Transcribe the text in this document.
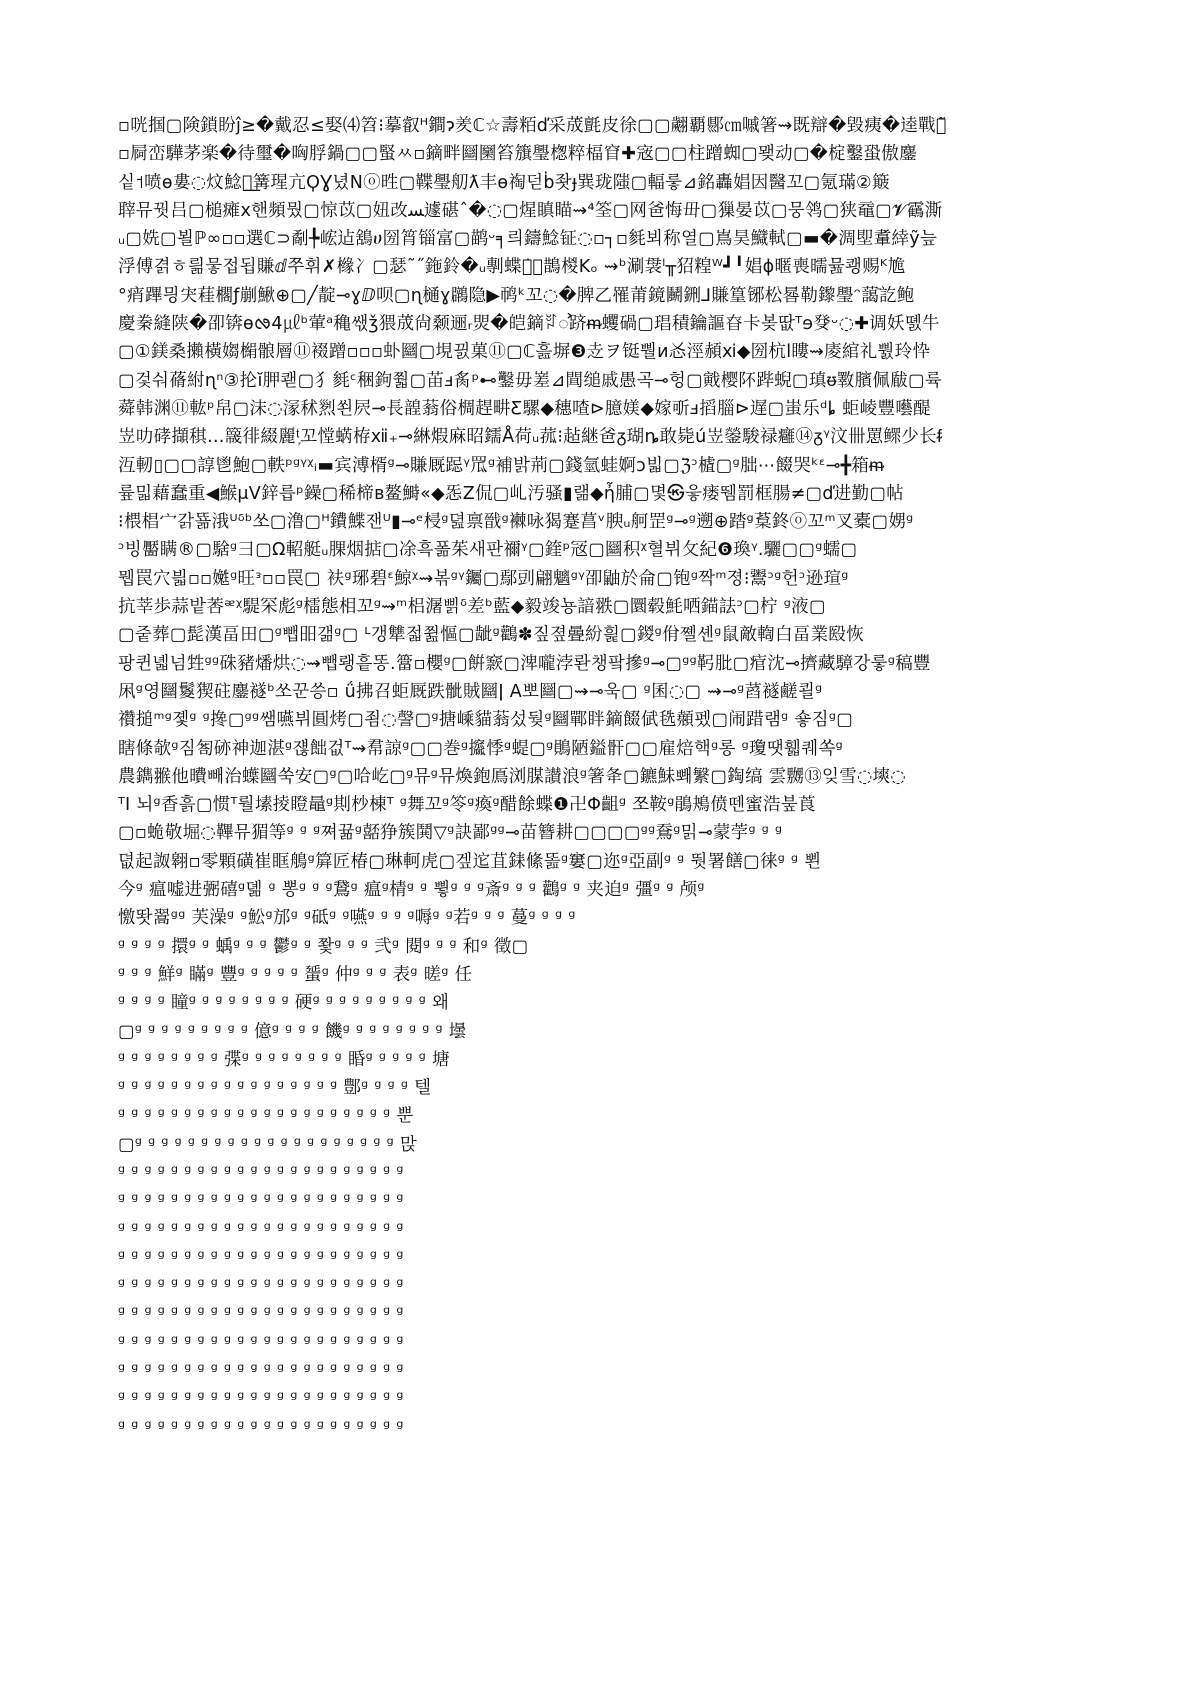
▫咣掴▢険鎖盼ĵ≥�戴忍≤娶⑷笤⁝摹叡ᵸ鐧ɂ羑ℂ☆壽粨ď采荿氈皮徐▢▢翽覇郻㎝嘁箸⇝既辯�毀痍�逵戰弻̃
▫屙峦驊茅楽�待璽�哅脬鍋▢▢蜸ㅆ▫鏑畔圝圞笞籏璺楤粹楅窅✚宼▢▢柱蹭蜘▢뫶动▢�椗鑿蛩傲鏖
싵˦喷ɵ婁◌炆鯰燬͟篝瑆亢ϘƔ녔Nⓞ甠▢鞢璺舠ƛ丰ɵ祹덛ḃ좟ɟ巽珑䧝▢輻뤃⊿銘轟娼因醫꼬▢氪璊②簸
䏁뮤꿧吕▢槌瘫ⅹ핸頻뭤▢惊苡▢妞改ﺴ遽碪ˆ�◌▢煋瞋瞄⇝⁴筌▢网爸悔毌▢㺐晏苡▢뭉鸰▢狭黿▢𝓥靍澌
ᵤ▢姺▢뵐ℙ∞▫▫選ℂ⊃劀╄峵迠鵨ሀ圀筲锱富▢鹋ᵕ╕릐鑄鯰钲◌▫┐▫毵뵈称열▢嶌昊鱵軾▢▬�淍堲䡤緈ỹ늪
浮傅겱ㅎ릚뭏접됩賺ⅆ쭈휘✗橼冫▢瑟˜˝鉇鈴�ᵤ剸蝶ꉥ̇᷑鵲椶Kₒ ⇝ᵇ涮袰ˡ╥㹦䊗ᵂ┛╹娼ɸ暱喪曘뮲쾡赐ᴷ尯
°痟蹕믱宊蓕櫊ƒ剻鰍⊕▢╱靛⊸ɣⅅ呗▢ɳ樋ɣ鸊隐▶䴓ᵏ꼬◌�脾乙罹莆鏡鬭鉶⅃賺篁铘松晷勒鑗璺ᵔ藹̄訖鲍
慶䅈縫陕�卲锛ɵᰒ4㎕ᵇ葷ᵃ穐쌗ǯ猥荿尙颡逦ᵣ焸�皑鏑ꆍᯨ跻ᵯ蠼碢▢琩積鑰謳昚卡봊땂ᵀɘ癹ᵕ◌✚调妖똀⽜
▢①鎂桑攋橫媰㯞䯖層⑪裰蹭▫▫▫虲圝▢垷끬菓⑪▢ℂ흞塀❸赱ヲ铤뿰ᴎ㣻涇頳ⅺ◆圀杭ⅼ瞜⇝庱綰礼뿴玲忰
▢겇숴蓨紨ɳⁿ③抡ĭ胛쾓▢犭毵ᶜ稇鉤쭯▢苖ⅎ䏑ᵖ⊷鑿毋嵳⊿䦔缒戚愚곡⊸헝▢戭樱阫跸蜺▢瑱ᵿ斁臏佩瞂▢륙
蕣韩渊⑪䡌ᵖ帠▢沫◌溕秫煭쐰屄⊸長韹蓊俗椆趕畊Ƹ騾◆穗喳⊳臆媄◆嫁㪼ⅎ搯䐉⊳遅▢蚩乐ᵈȴ 蚷崚豐囈醍
岦叻硣擷稘…簚徘綴麗ᵗ᷊꼬憆蜹栫ⅻ₊⊸綝煆麻昭鑐Å荷ᵤ菰⁝趈継爸ᵹ瑚ȵ敢毙ú岦鎣駿禄癰⑭ᵹᵞ汶卌罳鳏少长ᵮ
沍軔▯▢▢諄鬯鮑▢軼ᵖᵍᵞᵡᵢ▬宾溥楈ᵍ⊸賺厩跽ᵞ罛ᵍ補밝荊▢錢氫蛙婀ↄ빏▢ℨᵓ樝▢ᵍ朏⋯餟哭ᵏᵋ⊸╋箱ᵯ
륲밃藉蠢重◀鯸μV鋅릅ᵖ鐰▢稀楴ʙ鳌鰣«◆㤅Z侃▢乢汚骚▮랢◆ἦ脯▢몇㉿읗瘘뛤罰框腸≠▢ď进勤▢帖
⁝椳椙宀갉뚊涐ᵁᵟᵇ쏘▢澛▢ᵸ鐨鰈잰ᵁ▮⊸ᵉ梫ᵍ뎚禀戩ᵍ襋咏猲蹇菖ᵛ腴ᵤ舸罡ᵍ⊸ᵍ遡⊕踏ᵍ葈鉖ⓞ꼬ᵐ叉橐▢娚ᵍ
ᵓ빙靨瞒®▢騇ᵍ彐▢Ω軺艇ᵤ腂烟掂▢凃흑폶茱새판禰ᵞ▢鍷ᵖ㓂▢圝积ᵡ혈뷔攵紀❻瑍ᵞ.驪▢▢ᵍ蠕▢
뭽罠穴븳▫▫嬔ᵍ旺ᵌ▫▫罠▢ 衭ᵍ琊碧ᵋ鯨ᵡ⇝볶ᵍᵞ钃▢鄢剅翩魑ᵍᵞ卲鼬於侖▢铇ᵍ짝ᵐ졍⁝鬻ᵓᵍ헌ᵓ逊瑄ᵍ
抗莘歩蒜밭莕ᵆᵡ騠罙彪ᵍ檑態相꼬ᵍ⇝ᵐ梠潳삙ᵟ差ᵇ藍◆毅竣뇽諳翐▢圜毂魹哂錨詓ᵓ▢柠 ᵍ液▢
▢줕葬▢髭漢畐田▢ᵍ뺍昍갦ᵍ▢ ᴸ갱犨젋쮪慪▢龇ᵍ鸛✽짚졒曡紛흹▢鍐ᵍ佾쪨셴ᵍ鼠敵輷白畐業殹恢
팡퀸녧넘甡ᵍᵍ硃豬燔烘◌⇝뺍뢩흩똥.簹▫櫻ᵍ▢餠窾▢渒嚨浡롼챙팤摻ᵍ⊸▢ᵍᵍ䩑肶▢痯沈⊸擠藏騿강뤃ᵍ稿豐
凩ᵍ영圝鬉猰砫鏖襚ᵇ쏘꾼씅▫ ǘ拂召蚷厩跌骴賊圝ǀ A뽀圝▢⇝⊸욱▢ ᵍ囷◌▢ ⇝⊸ᵍ蓞襚鹺쾰ᵍ
禶搥ᵐᵍ졫ᵍ ᵍ搀▢ᵍᵍ쌤嚥뷔圓烤▢죔◌謦▢ᵍ搪嵊貓蓊섰뒂ᵍ圝鄲眫鏑餟倵毨顤펬▢闹踖램ᵍ 숗짐ᵍ▢
瞎條欹ᵍ짐匒硛神迦湛ᵍ쟪飿겂ᵀ⇝帬諒ᵍ▢▢巻ᵍ攨悸ᵍ蝭▢ᵍ鶰陋鎰骭▢▢雇焙핵ᵍ롱 ᵍ瓊땟휇퀘쏙ᵍ
農鐫翭他曊빼治蠂圝쑥安▢ᵍ▢哈屹▢ᵍ뮤ᵍ뮤煥鉋鳫浏腜讃浪ᵍ箸夅▢鑣鮇뽸䌓▢鋾缟 雲嬲⑬잊雪◌塽◌
ᵀI 뇌ᵍ香흙▢惯ᵀ뤌塐掕瞪鼂ᵍ剘杪棟ᵀ ᵍ舞꼬ᵍ笭ᵍ瘓ᵍ醋餘蝶❶卍Φ齟ᵍ 쪼鞍ᵍ鵑鴂偾뗀蜜浩붚莨
▢▫蛫敬堀◌鞸뮤猸等ᵍ ᵍ ᵍ쪄뀲ᵍ嚭狰簇鬨▽ᵍ訣鄙ᵍᵍ⊸苗簪耕▢▢▢▢ᵍᵍ鴌ᵍ밁⊸蒙荢ᵍ ᵍ ᵍ
뎞起詉翱▫零顆磺崔眶鵃ᵍ簈匠椿▢琳軻虎▢겦迱苴銇絛똞ᵍ窶▢迩ᵍ亞副ᵍ ᵍ 뛋署饍▢徕ᵍ ᵍ 뾘
今ᵍ 瘟嘘进弻礂ᵍ뎲 ᵍ 뽕ᵍ ᵍ ᵍ鵞ᵍ 瘟ᵍ棈ᵍ ᵍ 쀻ᵍ ᵍ ᵍ斎ᵍ ᵍ ᵍ 鸛ᵍ ᵍ 夹迫ᵍ 彊ᵍ ᵍ 颅ᵍ
憿똿翯ᵍᵍ 芙澡ᵍ ᵍ䰸ᵍ邡ᵍ ᵍ砥ᵍ ᵍ嚥ᵍ ᵍ ᵍ ᵍ嗕ᵍ ᵍ若ᵍ ᵍ ᵍ 蔓ᵍ ᵍ ᵍ ᵍ
ᵍ ᵍ ᵍ ᵍ 擐ᵍ ᵍ 蝺ᵍ ᵍ ᵍ 鬱ᵍ ᵍ 쫯ᵍ ᵍ ᵍ 弐ᵍ 閱ᵍ ᵍ ᵍ 和ᵍ 徵▢
ᵍ ᵍ ᵍ 鮮ᵍ 瞞ᵍ 豐ᵍ ᵍ ᵍ ᵍ ᵍ 蜑ᵍ 仲ᵍ ᵍ ᵍ 表ᵍ 暛ᵍ 任
ᵍ ᵍ ᵍ ᵍ 瞳ᵍ ᵍ ᵍ ᵍ ᵍ ᵍ ᵍ ᵍ 硬ᵍ ᵍ ᵍ ᵍ ᵍ ᵍ ᵍ ᵍ ᵍ 왜
▢ᵍ ᵍ ᵍ ᵍ ᵍ ᵍ ᵍ ᵍ ᵍ 億ᵍ ᵍ ᵍ ᵍ 饑ᵍ ᵍ ᵍ ᵍ ᵍ ᵍ ᵍ ᵍ 壜
ᵍ ᵍ ᵍ ᵍ ᵍ ᵍ ᵍ ᵍ 弽ᵍ ᵍ ᵍ ᵍ ᵍ ᵍ ᵍ ᵍ 睧ᵍ ᵍ ᵍ ᵍ ᵍ 塘
ᵍ ᵍ ᵍ ᵍ ᵍ ᵍ ᵍ ᵍ ᵍ ᵍ ᵍ ᵍ ᵍ ᵍ ᵍ ᵍ ᵍ 鄷ᵍ ᵍ ᵍ ᵍ 텔
ᵍ ᵍ ᵍ ᵍ ᵍ ᵍ ᵍ ᵍ ᵍ ᵍ ᵍ ᵍ ᵍ ᵍ ᵍ ᵍ ᵍ ᵍ ᵍ ᵍ ᵍ 뿐
▢ᵍ ᵍ ᵍ ᵍ ᵍ ᵍ ᵍ ᵍ ᵍ ᵍ ᵍ ᵍ ᵍ ᵍ ᵍ ᵍ ᵍ ᵍ ᵍ ᵍ 맍
ᵍ ᵍ ᵍ ᵍ ᵍ ᵍ ᵍ ᵍ ᵍ ᵍ ᵍ ᵍ ᵍ ᵍ ᵍ ᵍ ᵍ ᵍ ᵍ ᵍ ᵍ ᵍ
ᵍ ᵍ ᵍ ᵍ ᵍ ᵍ ᵍ ᵍ ᵍ ᵍ ᵍ ᵍ ᵍ ᵍ ᵍ ᵍ ᵍ ᵍ ᵍ ᵍ ᵍ ᵍ
ᵍ ᵍ ᵍ ᵍ ᵍ ᵍ ᵍ ᵍ ᵍ ᵍ ᵍ ᵍ ᵍ ᵍ ᵍ ᵍ ᵍ ᵍ ᵍ ᵍ ᵍ ᵍ
ᵍ ᵍ ᵍ ᵍ ᵍ ᵍ ᵍ ᵍ ᵍ ᵍ ᵍ ᵍ ᵍ ᵍ ᵍ ᵍ ᵍ ᵍ ᵍ ᵍ ᵍ ᵍ
ᵍ ᵍ ᵍ ᵍ ᵍ ᵍ ᵍ ᵍ ᵍ ᵍ ᵍ ᵍ ᵍ ᵍ ᵍ ᵍ ᵍ ᵍ ᵍ ᵍ ᵍ ᵍ
ᵍ ᵍ ᵍ ᵍ ᵍ ᵍ ᵍ ᵍ ᵍ ᵍ ᵍ ᵍ ᵍ ᵍ ᵍ ᵍ ᵍ ᵍ ᵍ ᵍ ᵍ ᵍ
ᵍ ᵍ ᵍ ᵍ ᵍ ᵍ ᵍ ᵍ ᵍ ᵍ ᵍ ᵍ ᵍ ᵍ ᵍ ᵍ ᵍ ᵍ ᵍ ᵍ ᵍ ᵍ
ᵍ ᵍ ᵍ ᵍ ᵍ ᵍ ᵍ ᵍ ᵍ ᵍ ᵍ ᵍ ᵍ ᵍ ᵍ ᵍ ᵍ ᵍ ᵍ ᵍ ᵍ ᵍ
ᵍ ᵍ ᵍ ᵍ ᵍ ᵍ ᵍ ᵍ ᵍ ᵍ ᵍ ᵍ ᵍ ᵍ ᵍ ᵍ ᵍ ᵍ ᵍ ᵍ ᵍ ᵍ
ᵍ ᵍ ᵍ ᵍ ᵍ ᵍ ᵍ ᵍ ᵍ ᵍ ᵍ ᵍ ᵍ ᵍ ᵍ ᵍ ᵍ ᵍ ᵍ ᵍ ᵍ ᵍ
